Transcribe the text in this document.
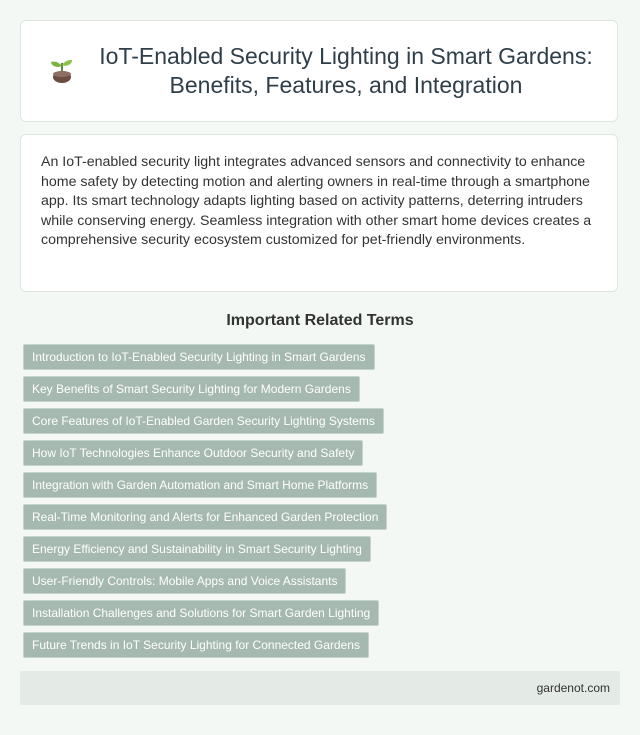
IoT-Enabled Security Lighting in Smart Gardens: Benefits, Features, and Integration

An IoT-enabled security light integrates advanced sensors and connectivity to enhance home safety by detecting motion and alerting owners in real-time through a smartphone app. Its smart technology adapts lighting based on activity patterns, deterring intruders while conserving energy. Seamless integration with other smart home devices creates a comprehensive security ecosystem customized for pet-friendly environments.

Important Related Terms
Introduction to IoT-Enabled Security Lighting in Smart Gardens
Key Benefits of Smart Security Lighting for Modern Gardens
Core Features of IoT-Enabled Garden Security Lighting Systems
How IoT Technologies Enhance Outdoor Security and Safety
Integration with Garden Automation and Smart Home Platforms
Real-Time Monitoring and Alerts for Enhanced Garden Protection
Energy Efficiency and Sustainability in Smart Security Lighting
User-Friendly Controls: Mobile Apps and Voice Assistants
Installation Challenges and Solutions for Smart Garden Lighting
Future Trends in IoT Security Lighting for Connected Gardens
gardenot.com
